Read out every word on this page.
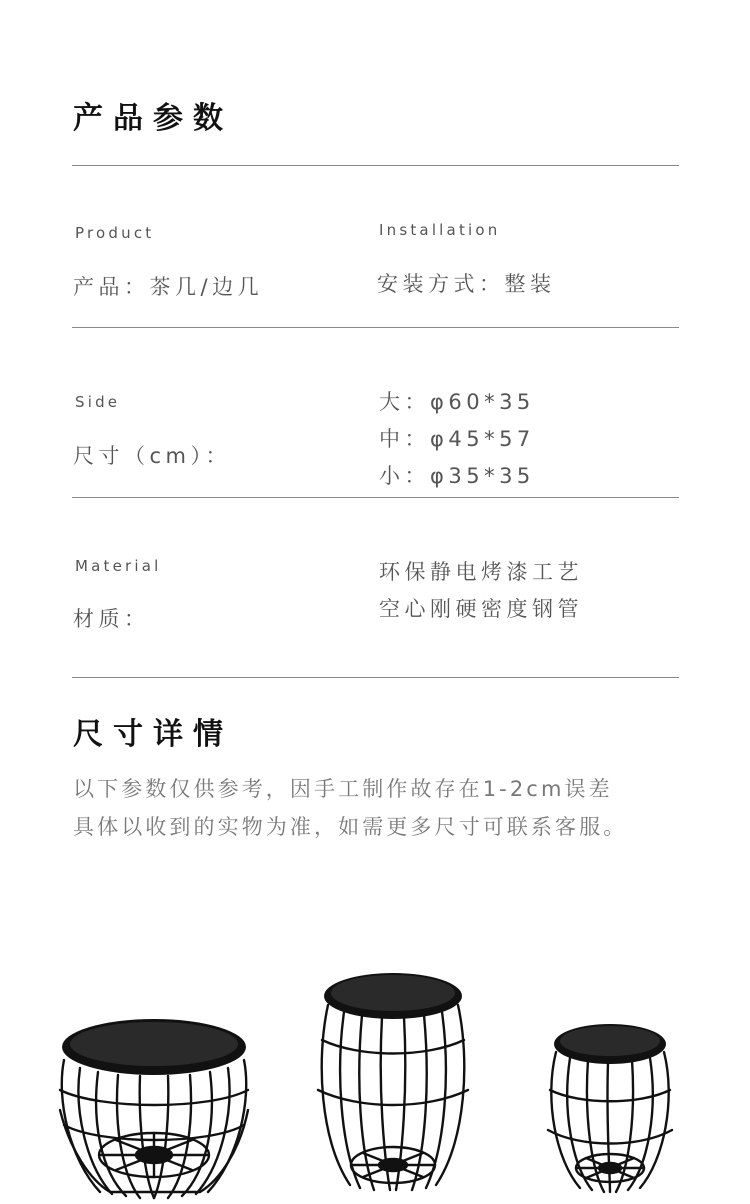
产品参数
Product
产品：茶几/边几
Installation
安装方式：整装
Side
尺寸（cm）：
大：φ60*35
中：φ45*57
小：φ35*35
Material
材质：
环保静电烤漆工艺
空心刚硬密度钢管
尺寸详情
以下参数仅供参考，因手工制作故存在1-2cm误差
具体以收到的实物为准，如需更多尺寸可联系客服。
